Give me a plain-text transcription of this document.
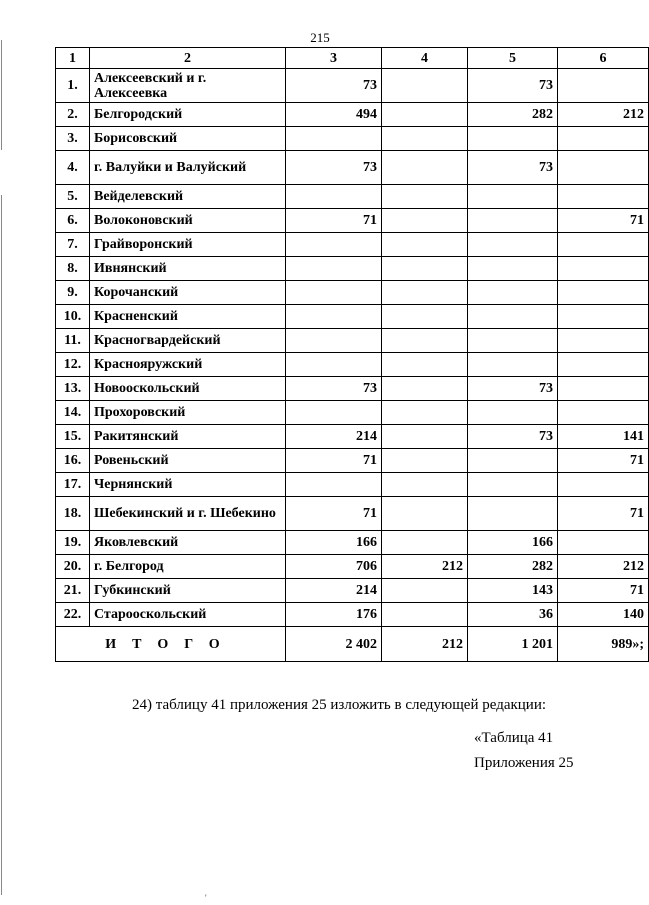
215
1	2	3	4	5	6
1.	Алексеевский и г. Алексеевка	73		73	
2.	Белгородский	494		282	212
3.	Борисовский				
4.	г. Валуйки и Валуйский	73		73	
5.	Вейделевский				
6.	Волоконовский	71			71
7.	Грайворонский				
8.	Ивнянский				
9.	Корочанский				
10.	Красненский				
11.	Красногвардейский				
12.	Краснояружский				
13.	Новооскольский	73		73	
14.	Прохоровский				
15.	Ракитянский	214		73	141
16.	Ровеньский	71			71
17.	Чернянский				
18.	Шебекинский и г. Шебекино	71			71
19.	Яковлевский	166		166	
20.	г. Белгород	706	212	282	212
21.	Губкинский	214		143	71
22.	Старооскольский	176		36	140
ИТОГО		2 402	212	1 201	989»;
24) таблицу 41 приложения 25 изложить в следующей редакции:
«Таблица 41
Приложения 25
'
